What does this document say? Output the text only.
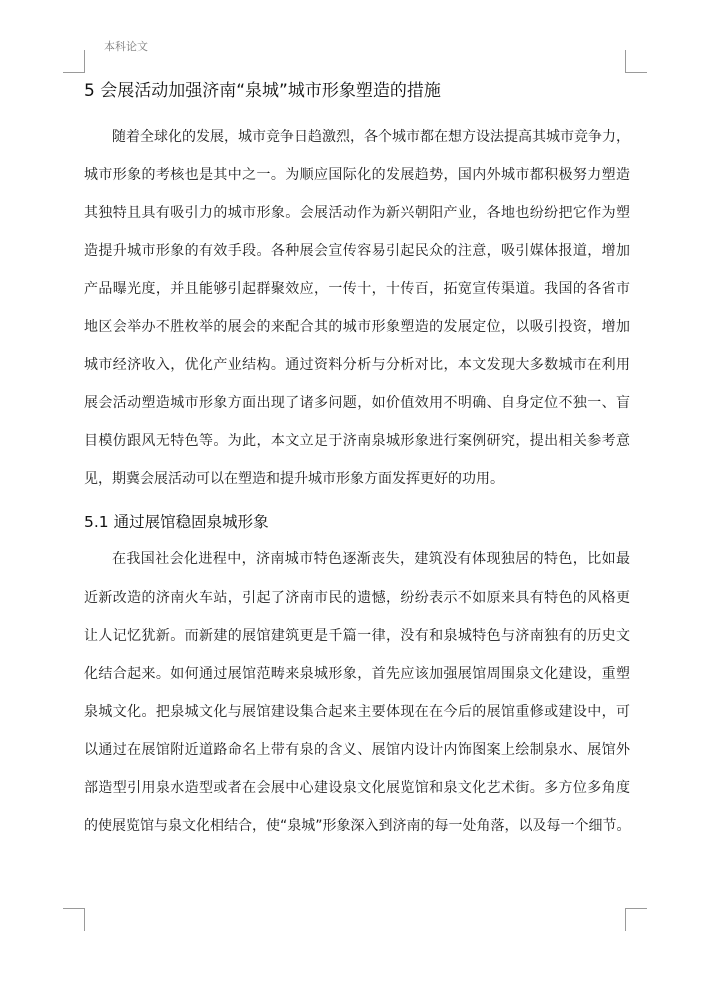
本科论文
5 会展活动加强济南“泉城”城市形象塑造的措施
随着全球化的发展，城市竞争日趋激烈，各个城市都在想方设法提高其城市竞争力，
城市形象的考核也是其中之一。为顺应国际化的发展趋势，国内外城市都积极努力塑造
其独特且具有吸引力的城市形象。会展活动作为新兴朝阳产业，各地也纷纷把它作为塑
造提升城市形象的有效手段。各种展会宣传容易引起民众的注意，吸引媒体报道，增加
产品曝光度，并且能够引起群聚效应，一传十，十传百，拓宽宣传渠道。我国的各省市
地区会举办不胜枚举的展会的来配合其的城市形象塑造的发展定位，以吸引投资，增加
城市经济收入，优化产业结构。通过资料分析与分析对比，本文发现大多数城市在利用
展会活动塑造城市形象方面出现了诸多问题，如价值效用不明确、自身定位不独一、盲
目模仿跟风无特色等。为此，本文立足于济南泉城形象进行案例研究，提出相关参考意
见，期冀会展活动可以在塑造和提升城市形象方面发挥更好的功用。
5.1 通过展馆稳固泉城形象
在我国社会化进程中，济南城市特色逐渐丧失，建筑没有体现独居的特色，比如最
近新改造的济南火车站，引起了济南市民的遗憾，纷纷表示不如原来具有特色的风格更
让人记忆犹新。而新建的展馆建筑更是千篇一律，没有和泉城特色与济南独有的历史文
化结合起来。如何通过展馆范畴来泉城形象，首先应该加强展馆周围泉文化建设，重塑
泉城文化。把泉城文化与展馆建设集合起来主要体现在在今后的展馆重修或建设中，可
以通过在展馆附近道路命名上带有泉的含义、展馆内设计内饰图案上绘制泉水、展馆外
部造型引用泉水造型或者在会展中心建设泉文化展览馆和泉文化艺术街。多方位多角度
的使展览馆与泉文化相结合，使“泉城”形象深入到济南的每一处角落，以及每一个细节。
